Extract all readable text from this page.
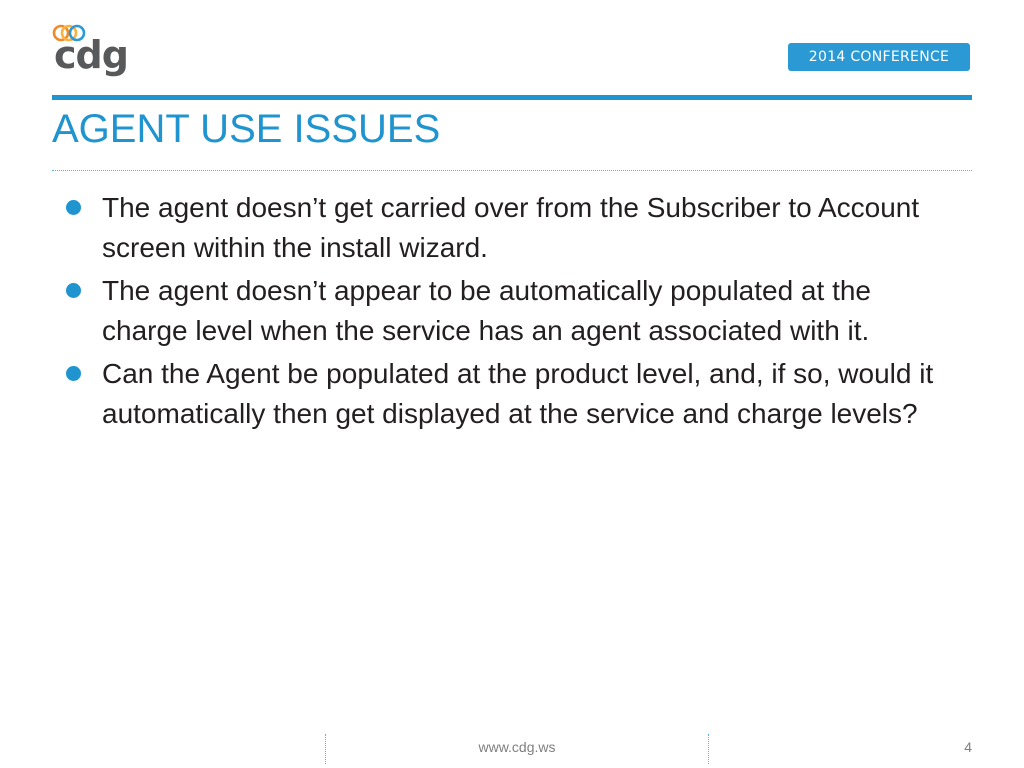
cdg	2014 CONFERENCE
AGENT USE ISSUES
The agent doesn’t get carried over from the Subscriber to Account screen within the install wizard.
The agent doesn’t appear to be automatically populated at the charge level when the service has an agent associated with it.
Can the Agent be populated at the product level, and, if so, would it automatically then get displayed at the service and charge levels?
www.cdg.ws	4
